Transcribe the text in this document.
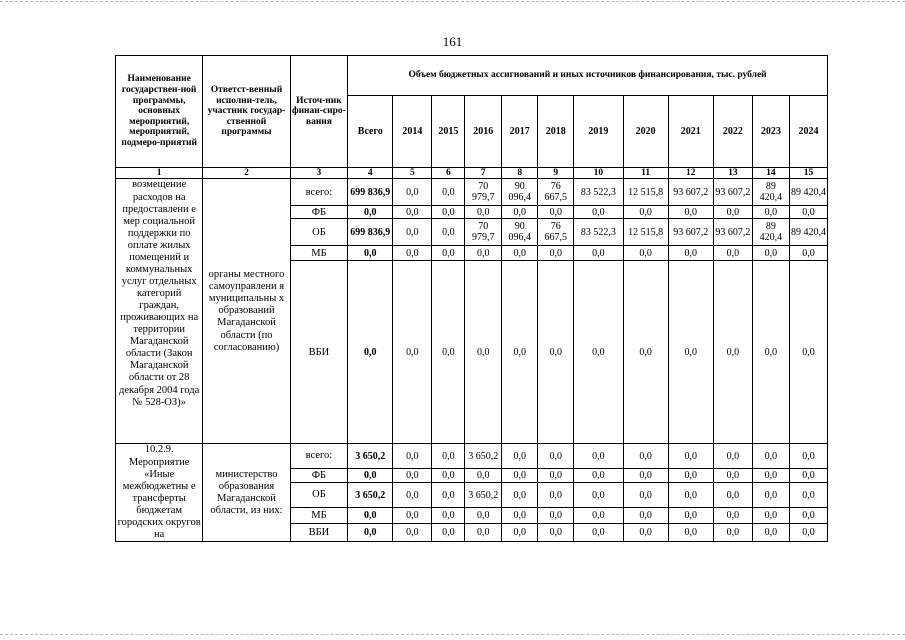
161
Наименование государствен-ной программы, основных мероприятий, мероприятий, подмеро-приятий	Ответст-венный исполни-тель, участник государ-ственной программы	Источ-ник финан-сиро-вания	Объем бюджетных ассигнований и иных источников финансирования, тыс. рублей											
			Всего	2014	2015	2016	2017	2018	2019	2020	2021	2022	2023	2024
1	2	3	4	5	6	7	8	9	10	11	12	13	14	15
возмещение расходов на предоставлени е мер социальной поддержки по оплате жилых помещений и коммунальных услуг отдельных категорий граждан, проживающих на территории Магаданской области (Закон Магаданской области от 28 декабря 2004 года № 528-ОЗ)»	органы местного самоуправлени я муниципальны х образований Магаданской области (по согласованию)	всего:	699 836,9	0,0	0,0	70 979,7	90 096,4	76 667,5	83 522,3	12 515,8	93 607,2	93 607,2	89 420,4	89 420,4
		ФБ	0,0	0,0	0,0	0,0	0,0	0,0	0,0	0,0	0,0	0,0	0,0	0,0
		ОБ	699 836,9	0,0	0,0	70 979,7	90 096,4	76 667,5	83 522,3	12 515,8	93 607,2	93 607,2	89 420,4	89 420,4
		МБ	0,0	0,0	0,0	0,0	0,0	0,0	0,0	0,0	0,0	0,0	0,0	0,0
		ВБИ	0,0	0,0	0,0	0,0	0,0	0,0	0,0	0,0	0,0	0,0	0,0	0,0
10.2.9. Мероприятие «Иные межбюджетны е трансферты бюджетам городских округов на	министерство образования Магаданской области, из них:	всего:	3 650,2	0,0	0,0	3 650,2	0,0	0,0	0,0	0,0	0,0	0,0	0,0	0,0
		ФБ	0,0	0,0	0,0	0,0	0,0	0,0	0,0	0,0	0,0	0,0	0,0	0,0
		ОБ	3 650,2	0,0	0,0	3 650,2	0,0	0,0	0,0	0,0	0,0	0,0	0,0	0,0
		МБ	0,0	0,0	0,0	0,0	0,0	0,0	0,0	0,0	0,0	0,0	0,0	0,0
		ВБИ	0,0	0,0	0,0	0,0	0,0	0,0	0,0	0,0	0,0	0,0	0,0	0,0
